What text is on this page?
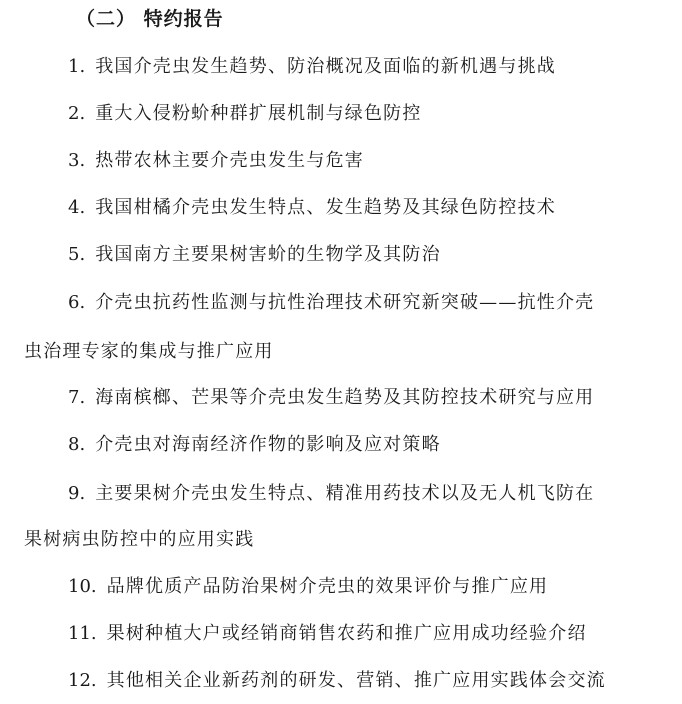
（二） 特约报告
1. 我国介壳虫发生趋势、防治概况及面临的新机遇与挑战
2. 重大入侵粉蚧种群扩展机制与绿色防控
3. 热带农林主要介壳虫发生与危害
4. 我国柑橘介壳虫发生特点、发生趋势及其绿色防控技术
5. 我国南方主要果树害蚧的生物学及其防治
6. 介壳虫抗药性监测与抗性治理技术研究新突破——抗性介壳
虫治理专家的集成与推广应用
7. 海南槟榔、芒果等介壳虫发生趋势及其防控技术研究与应用
8. 介壳虫对海南经济作物的影响及应对策略
9. 主要果树介壳虫发生特点、精准用药技术以及无人机飞防在
果树病虫防控中的应用实践
10. 品牌优质产品防治果树介壳虫的效果评价与推广应用
11. 果树种植大户或经销商销售农药和推广应用成功经验介绍
12. 其他相关企业新药剂的研发、营销、推广应用实践体会交流
